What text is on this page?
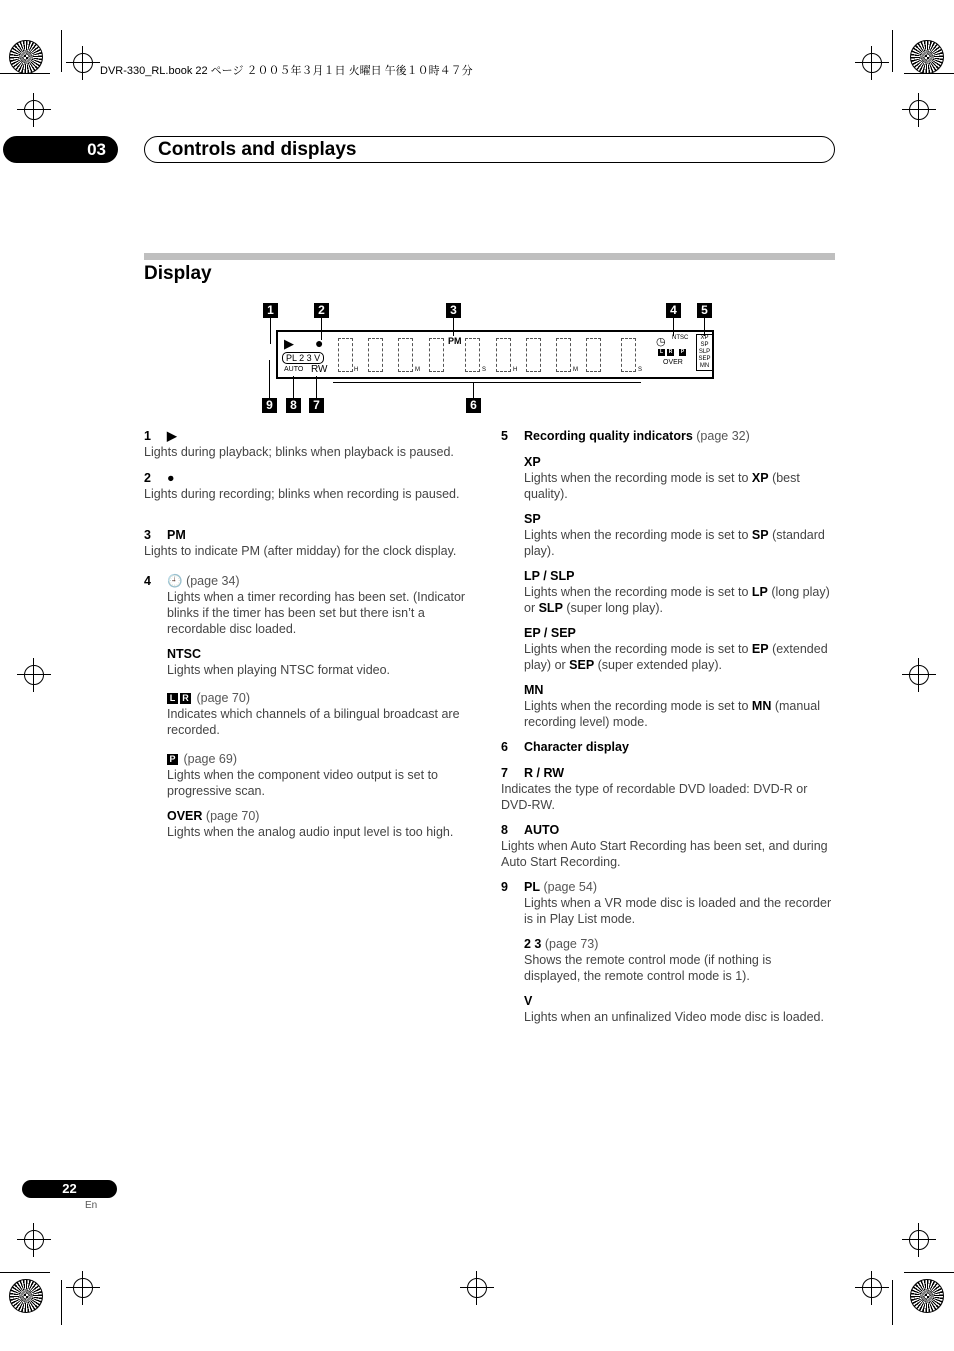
DVR-330_RL.book 22 ページ ２００５年３月１日 火曜日 午後１０時４７分
03	Controls and displays
Display
1	2	3	4	5
9	8	7	6
▶ ●
PL 2 3 V
AUTO RW
PM
H	M	S	H	M	S
◷ NTSC
L R P
OVER
XP
SP
SLP
SEP
MN
1 ▶
Lights during playback; blinks when playback is paused.
2 ●
Lights during recording; blinks when recording is paused.
3 PM
Lights to indicate PM (after midday) for the clock display.
4 🕘 (page 34)
Lights when a timer recording has been set. (Indicator blinks if the timer has been set but there isn’t a recordable disc loaded.
NTSC
Lights when playing NTSC format video.
L R (page 70)
Indicates which channels of a bilingual broadcast are recorded.
P (page 69)
Lights when the component video output is set to progressive scan.
OVER (page 70)
Lights when the analog audio input level is too high.
5 Recording quality indicators (page 32)
XP
Lights when the recording mode is set to XP (best quality).
SP
Lights when the recording mode is set to SP (standard play).
LP / SLP
Lights when the recording mode is set to LP (long play) or SLP (super long play).
EP / SEP
Lights when the recording mode is set to EP (extended play) or SEP (super extended play).
MN
Lights when the recording mode is set to MN (manual recording level) mode.
6 Character display
7 R / RW
Indicates the type of recordable DVD loaded: DVD-R or DVD-RW.
8 AUTO
Lights when Auto Start Recording has been set, and during Auto Start Recording.
9 PL (page 54)
Lights when a VR mode disc is loaded and the recorder is in Play List mode.
2 3 (page 73)
Shows the remote control mode (if nothing is displayed, the remote control mode is 1).
V
Lights when an unfinalized Video mode disc is loaded.
22
En
